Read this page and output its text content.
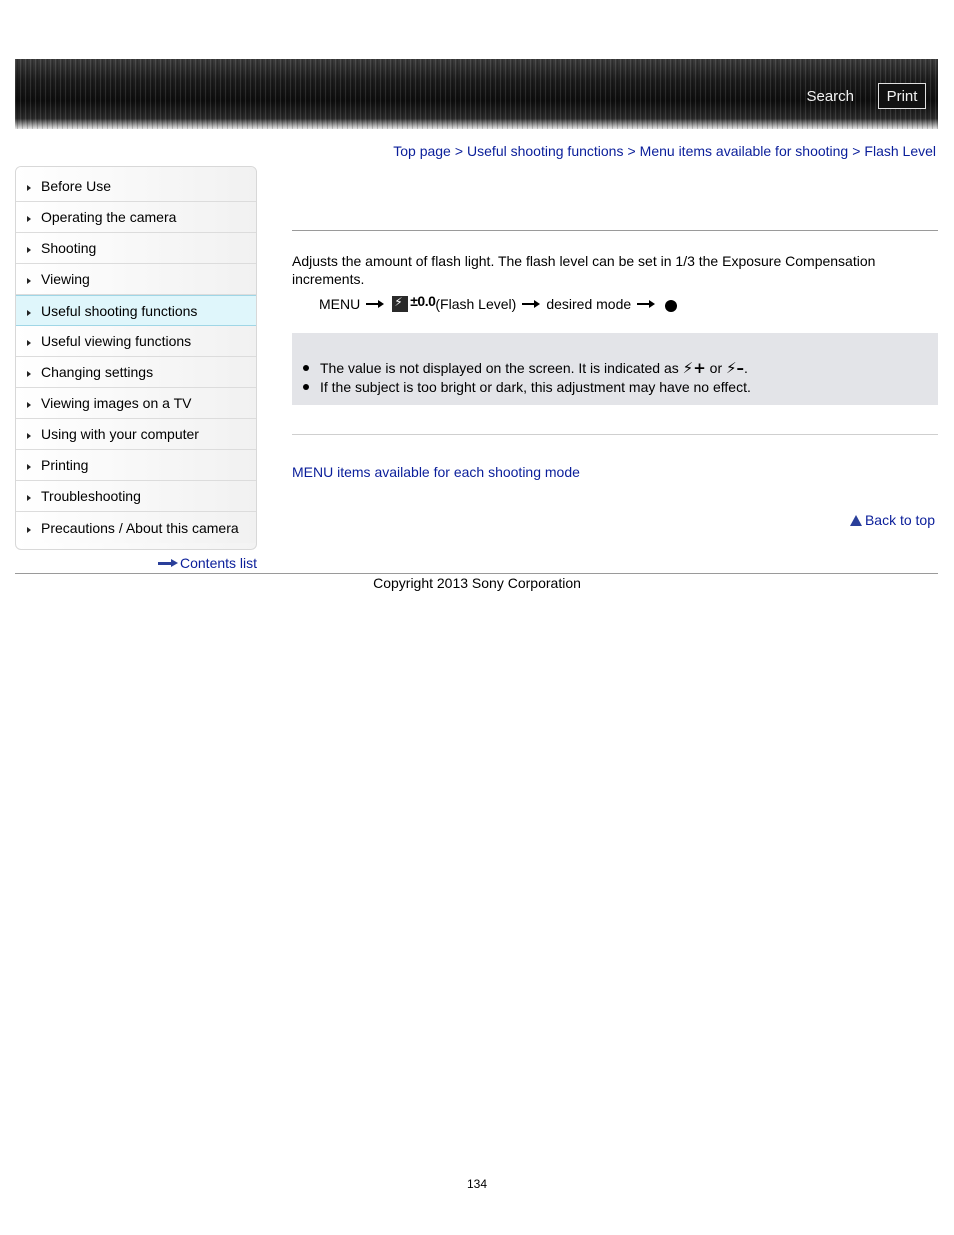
Search	Print
Top page > Useful shooting functions > Menu items available for shooting > Flash Level
Before Use
Operating the camera
Shooting
Viewing
Useful shooting functions
Useful viewing functions
Changing settings
Viewing images on a TV
Using with your computer
Printing
Troubleshooting
Precautions / About this camera
Contents list
Adjusts the amount of flash light. The flash level can be set in 1/3 the Exposure Compensation increments.
MENU
⚡	±0.0 (Flash Level) desired mode
The value is not displayed on the screen. It is indicated as ⚡+ or ⚡–.
If the subject is too bright or dark, this adjustment may have no effect.
MENU items available for each shooting mode
Back to top
Copyright 2013 Sony Corporation
134
